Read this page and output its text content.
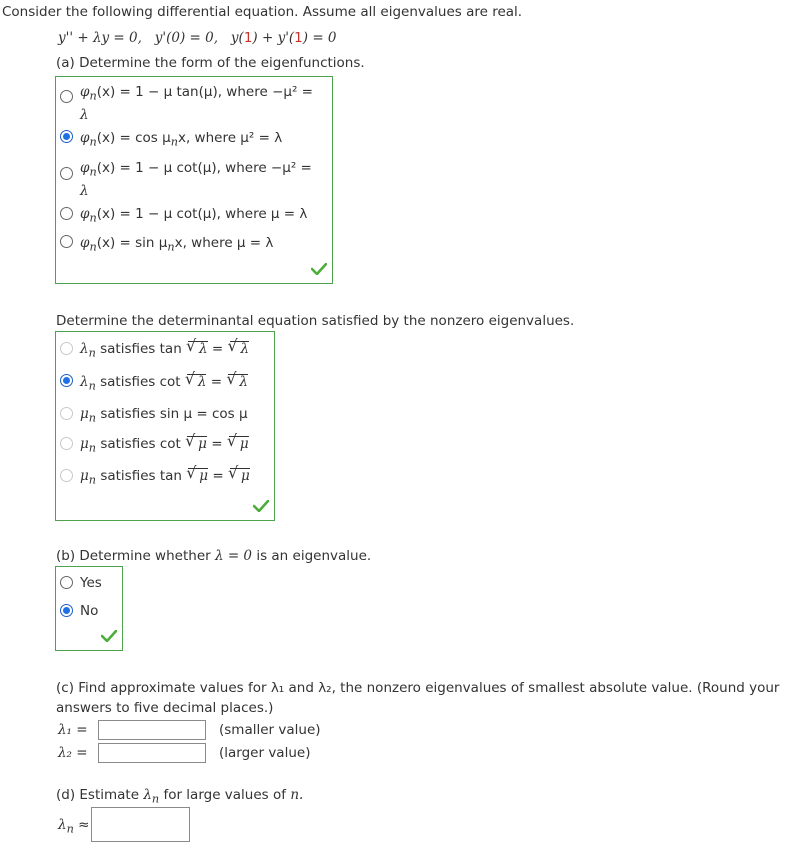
Consider the following differential equation. Assume all eigenvalues are real.
y'' + λy = 0, y'(0) = 0, y(1) + y'(1) = 0
(a) Determine the form of the eigenfunctions.
$\varphi_n(x) = 1 - \mu$ tan(μ), where −μ² =
λ
$\varphi_n(x) = \cos \mu_nx$, where μ² = λ
$\varphi_n(x) = 1 - \mu$ cot(μ), where −μ² =
λ
$\varphi_n(x) = 1 - \mu$ cot(μ), where μ = λ
$\varphi_n(x) = \sin \mu_nx$, where μ = λ
Determine the determinantal equation satisfied by the nonzero eigenvalues.
$\lambda_n$ satisfies tan √ λ = √ λ
$\lambda_n$ satisfies cot √ λ = √ λ
$\mu_n$ satisfies sin μ = cos μ
$\mu_n$ satisfies cot √ μ = √ μ
$\mu_n$ satisfies tan √ μ = √ μ
(b) Determine whether λ = 0 is an eigenvalue.
Yes
No
(c) Find approximate values for λ₁ and λ₂, the nonzero eigenvalues of smallest absolute value. (Round your
answers to five decimal places.)
λ₁ =	(smaller value)
λ₂ =	(larger value)
(d) Estimate $\lambda_n$ for large values of n.
$\lambda_n$ ≈
